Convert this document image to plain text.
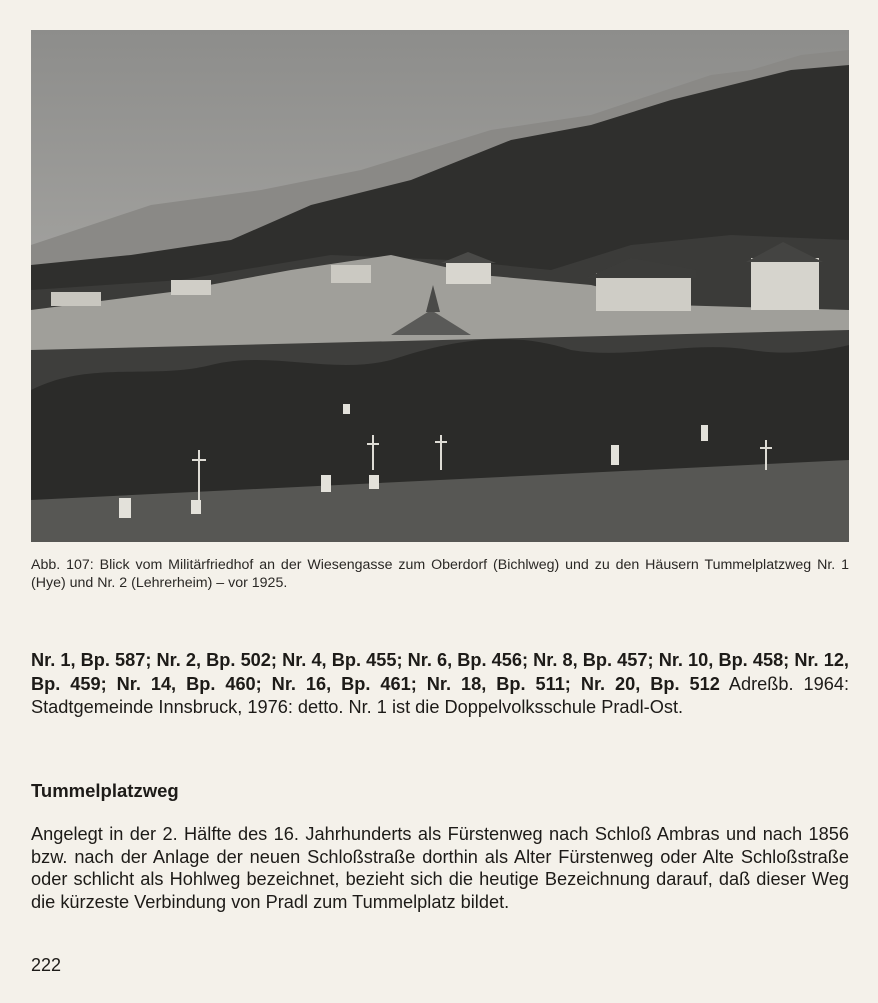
Abb. 107: Blick vom Militärfriedhof an der Wiesengasse zum Oberdorf (Bichlweg) und zu den Häusern Tummelplatzweg Nr. 1 (Hye) und Nr. 2 (Lehrerheim) – vor 1925.
Nr. 1, Bp. 587; Nr. 2, Bp. 502; Nr. 4, Bp. 455; Nr. 6, Bp. 456; Nr. 8, Bp. 457; Nr. 10, Bp. 458; Nr. 12, Bp. 459; Nr. 14, Bp. 460; Nr. 16, Bp. 461; Nr. 18, Bp. 511; Nr. 20, Bp. 512 Adreßb. 1964: Stadtgemeinde Innsbruck, 1976: detto. Nr. 1 ist die Doppelvolksschule Pradl-Ost.
Tummelplatzweg
Angelegt in der 2. Hälfte des 16. Jahrhunderts als Fürstenweg nach Schloß Ambras und nach 1856 bzw. nach der Anlage der neuen Schloßstraße dorthin als Alter Fürstenweg oder Alte Schloßstraße oder schlicht als Hohlweg bezeichnet, bezieht sich die heutige Bezeichnung darauf, daß dieser Weg die kürzeste Verbindung von Pradl zum Tummelplatz bildet.
222
